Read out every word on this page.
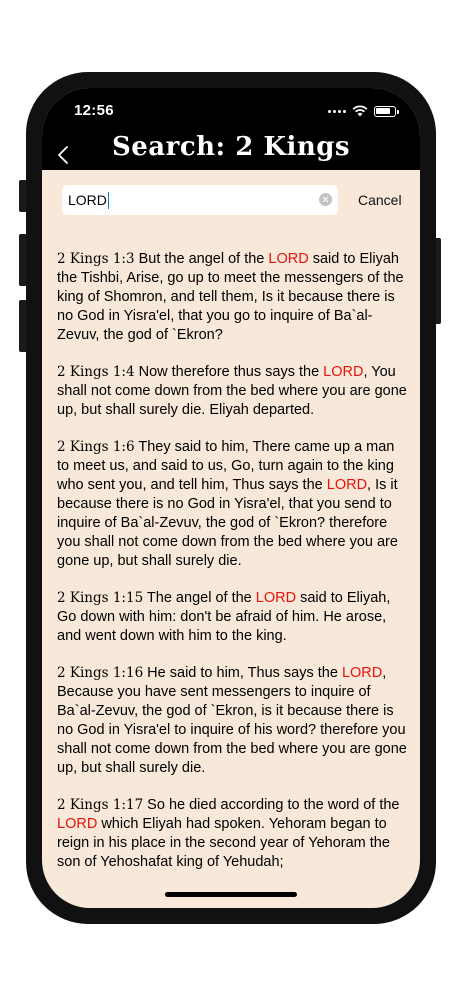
12:56
Search: 2 Kings
LORD	Cancel

2 Kings 1:3 But the angel of the LORD said to Eliyah the Tishbi, Arise, go up to meet the messengers of the king of Shomron, and tell them, Is it because there is no God in Yisra'el, that you go to inquire of Ba`al-Zevuv, the god of `Ekron?

2 Kings 1:4 Now therefore thus says the LORD, You shall not come down from the bed where you are gone up, but shall surely die. Eliyah departed.

2 Kings 1:6 They said to him, There came up a man to meet us, and said to us, Go, turn again to the king who sent you, and tell him, Thus says the LORD, Is it because there is no God in Yisra'el, that you send to inquire of Ba`al-Zevuv, the god of `Ekron? therefore you shall not come down from the bed where you are gone up, but shall surely die.

2 Kings 1:15 The angel of the LORD said to Eliyah, Go down with him: don't be afraid of him. He arose, and went down with him to the king.

2 Kings 1:16 He said to him, Thus says the LORD, Because you have sent messengers to inquire of Ba`al-Zevuv, the god of `Ekron, is it because there is no God in Yisra'el to inquire of his word? therefore you shall not come down from the bed where you are gone up, but shall surely die.

2 Kings 1:17 So he died according to the word of the LORD which Eliyah had spoken. Yehoram began to reign in his place in the second year of Yehoram the son of Yehoshafat king of Yehudah;
